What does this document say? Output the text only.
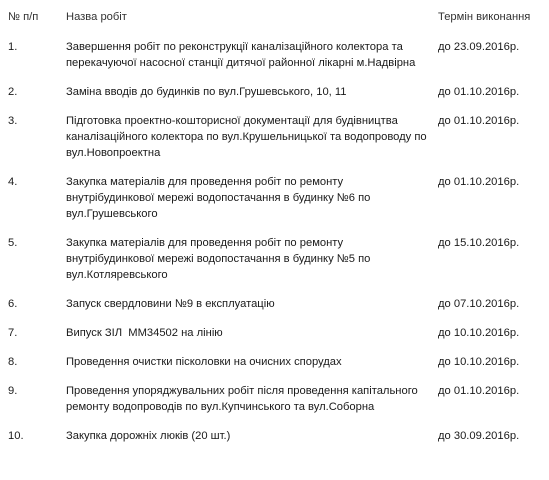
№ п/п	Назва робіт	Термін виконання
1.	Завершення робіт по реконструкції каналізаційного колектора та перекачуючої насосної станції дитячої районної лікарні м.Надвірна	до 23.09.2016р.
2.	Заміна вводів до будинків по вул.Грушевського, 10, 11	до 01.10.2016р.
3.	Підготовка проектно-кошторисної документації для будівництва каналізаційного колектора по вул.Крушельницької та водопроводу по вул.Новопроектна	до 01.10.2016р.
4.	Закупка матеріалів для проведення робіт по ремонту внутрібудинкової мережі водопостачання в будинку №6 по вул.Грушевського	до 01.10.2016р.
5.	Закупка матеріалів для проведення робіт по ремонту внутрібудинкової мережі водопостачання в будинку №5 по вул.Котляревського	до 15.10.2016р.
6.	Запуск свердловини №9 в експлуатацію	до 07.10.2016р.
7.	Випуск ЗІЛ  ММ34502 на лінію	до 10.10.2016р.
8.	Проведення очистки пісколовки на очисних спорудах	до 10.10.2016р.
9.	Проведення упоряджувальних робіт після проведення капітального ремонту водопроводів по вул.Купчинського та вул.Соборна	до 01.10.2016р.
10.	Закупка дорожніх люків (20 шт.)	до 30.09.2016р.
